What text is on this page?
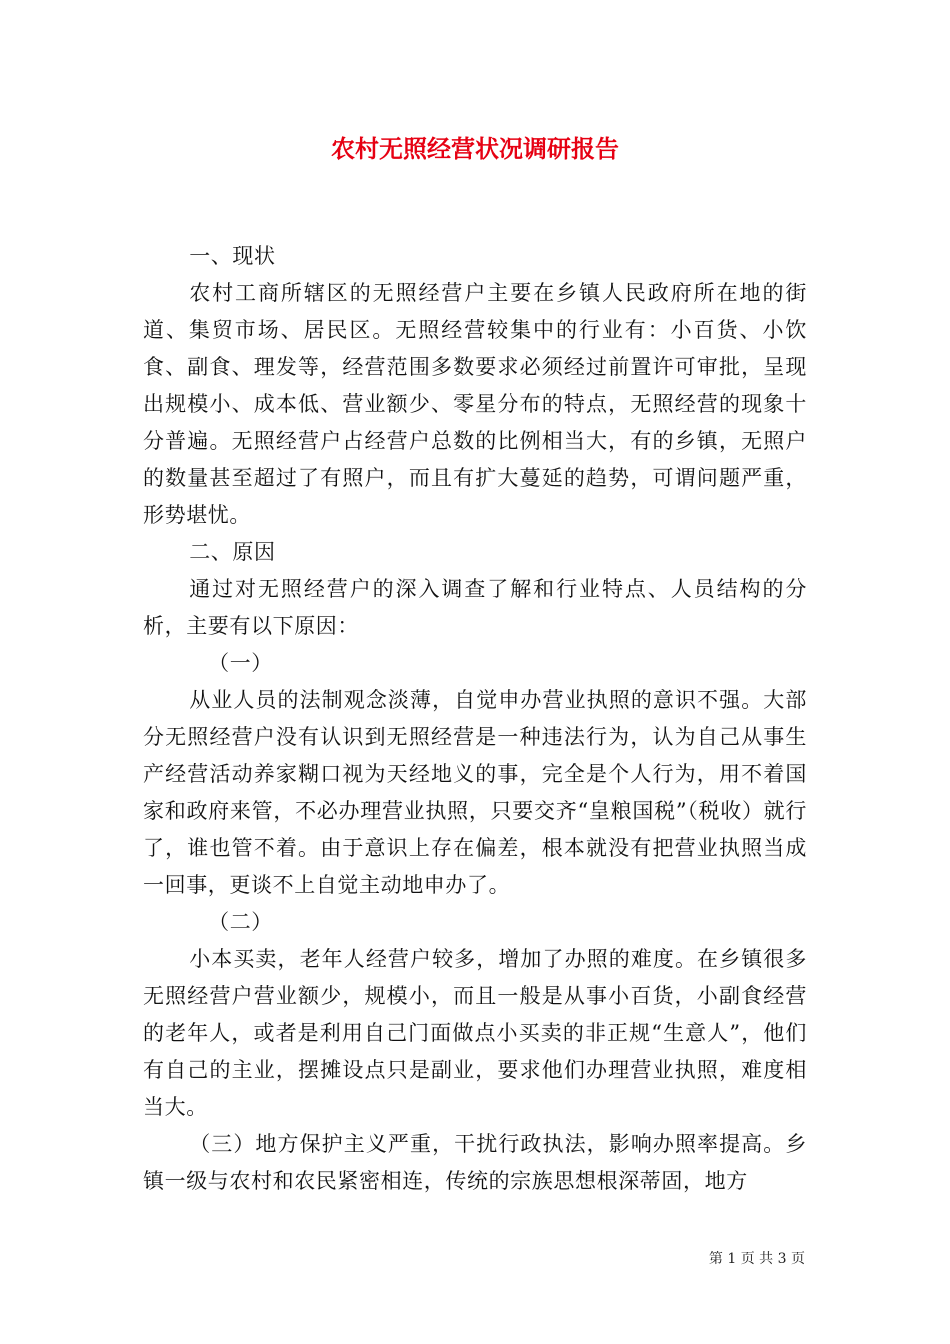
农村无照经营状况调研报告

一、现状

农村工商所辖区的无照经营户主要在乡镇人民政府所在地的街道、集贸市场、居民区。无照经营较集中的行业有：小百货、小饮食、副食、理发等，经营范围多数要求必须经过前置许可审批，呈现出规模小、成本低、营业额少、零星分布的特点，无照经营的现象十分普遍。无照经营户占经营户总数的比例相当大，有的乡镇，无照户的数量甚至超过了有照户，而且有扩大蔓延的趋势，可谓问题严重，形势堪忧。

二、原因

通过对无照经营户的深入调查了解和行业特点、人员结构的分析，主要有以下原因：

（一）

从业人员的法制观念淡薄，自觉申办营业执照的意识不强。大部分无照经营户没有认识到无照经营是一种违法行为，认为自己从事生产经营活动养家糊口视为天经地义的事，完全是个人行为，用不着国家和政府来管，不必办理营业执照，只要交齐“皇粮国税”（税收）就行了，谁也管不着。由于意识上存在偏差，根本就没有把营业执照当成一回事，更谈不上自觉主动地申办了。

（二）

小本买卖，老年人经营户较多，增加了办照的难度。在乡镇很多无照经营户营业额少，规模小，而且一般是从事小百货，小副食经营的老年人，或者是利用自己门面做点小买卖的非正规“生意人”，他们有自己的主业，摆摊设点只是副业，要求他们办理营业执照，难度相当大。

（三）地方保护主义严重，干扰行政执法，影响办照率提高。乡镇一级与农村和农民紧密相连，传统的宗族思想根深蒂固，地方

第 1 页 共 3 页
